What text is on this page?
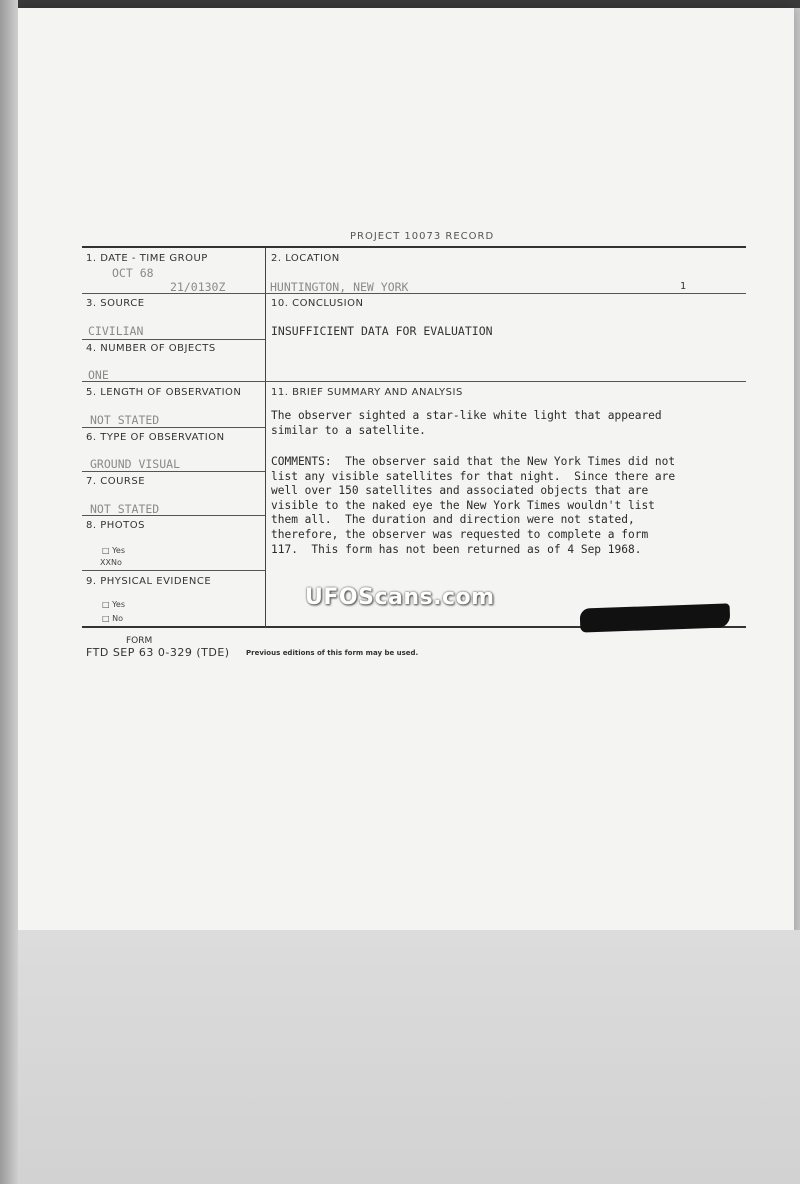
PROJECT 10073 RECORD
1. DATE - TIME GROUP
OCT 68
21/0130Z
2. LOCATION
HUNTINGTON, NEW YORK	1
3. SOURCE
CIVILIAN
10. CONCLUSION
INSUFFICIENT DATA FOR EVALUATION
4. NUMBER OF OBJECTS
ONE
5. LENGTH OF OBSERVATION
NOT STATED
11. BRIEF SUMMARY AND ANALYSIS
The observer sighted a star-like white light that appeared
similar to a satellite.
COMMENTS:  The observer said that the New York Times did not
list any visible satellites for that night.  Since there are
well over 150 satellites and associated objects that are
visible to the naked eye the New York Times wouldn't list
them all.  The duration and direction were not stated,
therefore, the observer was requested to complete a form
117.  This form has not been returned as of 4 Sep 1968.
6. TYPE OF OBSERVATION
GROUND VISUAL
7. COURSE
NOT STATED
8. PHOTOS
□ Yes
XXNo
9. PHYSICAL EVIDENCE
□ Yes
□ No
UFOScans.com
FORM
FTD SEP 63 0-329 (TDE) Previous editions of this form may be used.
